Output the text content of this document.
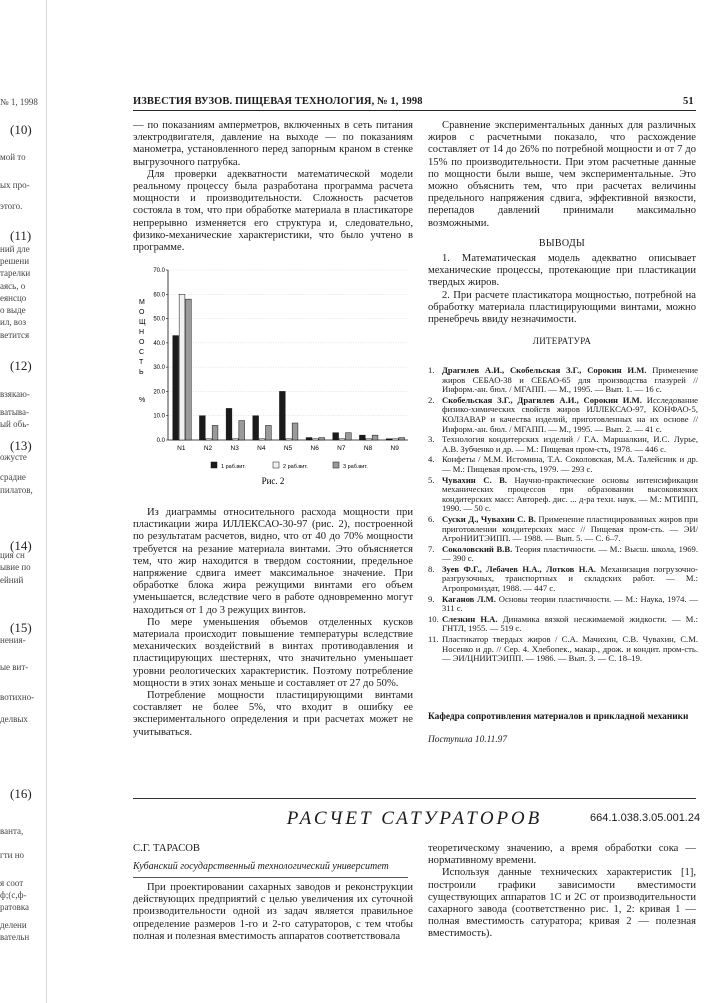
№ 1, 1998
мой то
ых про-
этого.
ний дле
решени
тарелки
аясь, о
еянсцо
о выде
ил, воз
ветится
взякаю-
ватыва-
ый обь-
ожусте
срадие
пилатов,
ция сн
ывие по
ейний
нения-
ые вит-
вотихно-
делвых
ванта,
гти но
я соот
ф;(с,ф-
ратовка
делени
вательн
(10)
(11)
(12)
(13)
(14)
(15)
(16)
ИЗВЕСТИЯ ВУЗОВ. ПИЩЕВАЯ ТЕХНОЛОГИЯ, № 1, 1998	51

— по показаниям амперметров, включенных в сеть питания электродвигателя, давление на выходе — по показаниям манометра, установленного перед запорным краном в стенке выгрузочного патрубка.

Для проверки адекватности математической модели реальному процессу была разработана программа расчета мощности и производительности. Сложность расчетов состояла в том, что при обработке материала в пластикаторе непрерывно изменяется его структура и, следовательно, физико-механические характеристики, что было учтено в программе.

М
О
Щ
Н
О
С
Т
Ь
%
0.0
10.0
20.0
30.0
40.0
50.0
60.0
70.0
N1	N2	N3	N4	N5	N6	N7	N8	N9
1 раб.вит.	2 раб.вит.	3 раб.вит.
Рис. 2

Из диаграммы относительного расхода мощности при пластикации жира ИЛЛЕКСАО-30-97 (рис. 2), построенной по результатам расчетов, видно, что от 40 до 70% мощности требуется на резание материала винтами. Это объясняется тем, что жир находится в твердом состоянии, предельное напряжение сдвига имеет максимальное значение. При обработке блока жира режущими винтами его объем уменьшается, вследствие чего в работе одновременно могут находиться от 1 до 3 режущих винтов.

По мере уменьшения объемов отделенных кусков материала происходит повышение температуры вследствие механических воздействий в винтах противодавления и пластицирующих шестернях, что значительно уменьшает уровни реологических характеристик. Поэтому потребление мощности в этих зонах меньше и составляет от 27 до 50%.

Потребление мощности пластицирующими винтами составляет не более 5%, что входит в ошибку ее экспериментального определения и при расчетах может не учитываться.

Сравнение экспериментальных данных для различных жиров с расчетными показало, что расхождение составляет от 14 до 26% по потребной мощности и от 7 до 15% по производительности. При этом расчетные данные по мощности были выше, чем экспериментальные. Это можно объяснить тем, что при расчетах величины предельного напряжения сдвига, эффективной вязкости, перепадов давлений принимали максимально возможными.

ВЫВОДЫ

1. Математическая модель адекватно описывает механические процессы, протекающие при пластикации твердых жиров.

2. При расчете пластикатора мощностью, потребной на обработку материала пластицирующими винтами, можно пренебречь ввиду незначимости.

ЛИТЕРАТУРА
1. Драгилев А.И., Скобельская З.Г., Сорокин И.М. Применение жиров СЕБАО-38 и СЕБАО-65 для производства глазурей // Информ.-ан. бюл. / МГАПП. — М., 1995. — Вып. 1. — 16 с.
2. Скобельская З.Г., Драгилев А.И., Сорокин И.М. Исследование физико-химических свойств жиров ИЛЛЕКСАО-97, КОНФАО-5, КОЛЗАВАР и качества изделий, приготовленных на их основе // Информ.-ан. бюл. / МГАПП. — М., 1995. — Вып. 2. — 41 с.
3. Технология кондитерских изделий / Г.А. Маршалкин, И.С. Лурье, А.В. Зубченко и др. — М.: Пищевая пром-сть, 1978. — 446 с.
4. Конфеты / М.М. Истомина, Т.А. Соколовская, М.А. Талейсник и др. — М.: Пищевая пром-сть, 1979. — 293 с.
5. Чувахин С. В. Научно-практические основы интенсификации механических процессов при образовании высоковязких кондитерских масс: Автореф. дис. ... д-ра техн. наук. — М.: МТИПП, 1990. — 50 с.
6. Суски Д., Чувахин С. В. Применение пластицированных жиров при приготовлении кондитерских масс // Пищевая пром-сть. — ЭИ/АгроНИИТЭИПП. — 1988. — Вып. 5. — С. 6–7.
7. Соколовский В.В. Теория пластичности. — М.: Высш. школа, 1969. — 390 с.
8. Зуев Ф.Г., Лебачев Н.А., Лотков Н.А. Механизация погрузочно-разгрузочных, транспортных и складских работ. — М.: Агропромиздат, 1988. — 447 с.
9. Каганов Л.М. Основы теории пластичности. — М.: Наука, 1974. — 311 с.
10. Слезкин Н.А. Динамика вязкой несжимаемой жидкости. — М.: ГНТЛ, 1955. — 519 с.
11. Пластикатор твердых жиров / С.А. Мачихин, С.В. Чувахин, С.М. Носенко и др. // Сер. 4. Хлебопек., макар., дрож. и кондит. пром-сть. — ЭИ/ЦНИИТЭИПП. — 1986. — Вып. 3. — С. 18–19.
Кафедра сопротивления материалов и прикладной механики
Поступила 10.11.97
664.1.038.3.05.001.24
РАСЧЕТ САТУРАТОРОВ
С.Г. ТАРАСОВ
Кубанский государственный технологический университет

При проектировании сахарных заводов и реконструкции действующих предприятий с целью увеличения их суточной производительности одной из задач является правильное определение размеров 1-го и 2-го сатураторов, с тем чтобы полная и полезная вместимость аппаратов соответствовала

теоретическому значению, а время обработки сока — нормативному времени.

Используя данные технических характеристик [1], построили графики зависимости вместимости существующих аппаратов 1С и 2С от производительности сахарного завода (соответственно рис. 1, 2: кривая 1 — полная вместимость сатуратора; кривая 2 — полезная вместимость).
